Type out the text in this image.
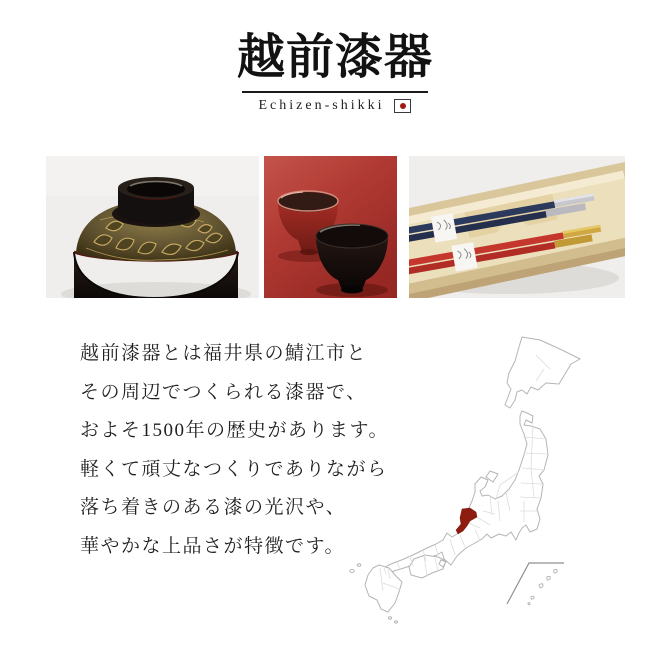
越前漆器
Echizen-shikki

越前漆器とは福井県の鯖江市と

その周辺でつくられる漆器で、

およそ1500年の歴史があります。

軽くて頑丈なつくりでありながら

落ち着きのある漆の光沢や、

華やかな上品さが特徴です。
